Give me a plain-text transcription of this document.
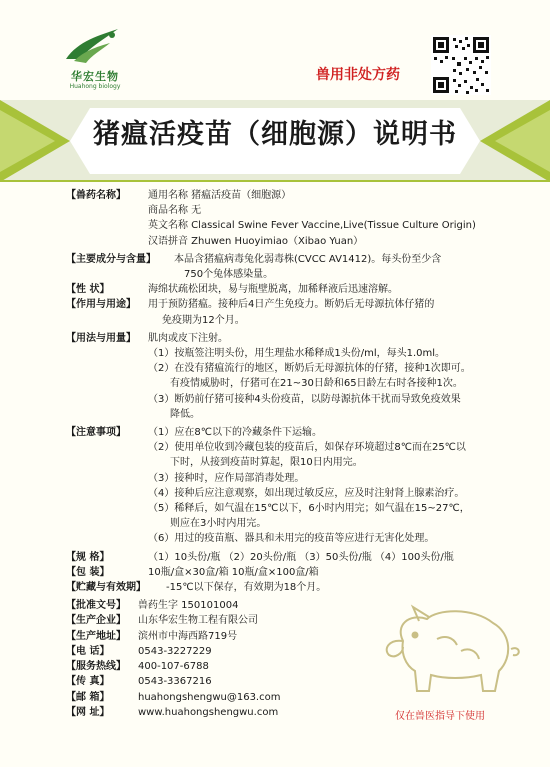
华宏生物
Huahong biology
兽用非处方药
猪瘟活疫苗（细胞源）说明书
【兽药名称】 通用名称 猪瘟活疫苗（细胞源）
商品名称 无
英文名称 Classical Swine Fever Vaccine,Live(Tissue Culture Origin)
汉语拼音 Zhuwen Huoyimiao（Xibao Yuan）
【主要成分与含量】 本品含猪瘟病毒兔化弱毒株(CVCC AV1412)。每头份至少含
750个兔体感染量。
【性 状】	海绵状疏松团块，易与瓶壁脱离，加稀释液后迅速溶解。
【作用与用途】 用于预防猪瘟。接种后4日产生免疫力。断奶后无母源抗体仔猪的
免疫期为12个月。
【用法与用量】 肌肉或皮下注射。
（1）按瓶签注明头份，用生理盐水稀释成1头份/ml，每头1.0ml。
（2）在没有猪瘟流行的地区，断奶后无母源抗体的仔猪，接种1次即可。
有疫情威胁时，仔猪可在21~30日龄和65日龄左右时各接种1次。
（3）断奶前仔猪可接种4头份疫苗，以防母源抗体干扰而导致免疫效果
降低。
【注意事项】 （1）应在8℃以下的冷藏条件下运输。
（2）使用单位收到冷藏包装的疫苗后，如保存环境超过8℃而在25℃以
下时，从接到疫苗时算起，限10日内用完。
（3）接种时，应作局部消毒处理。
（4）接种后应注意观察，如出现过敏反应，应及时注射肾上腺素治疗。
（5）稀释后，如气温在15℃以下，6小时内用完；如气温在15~27℃，
则应在3小时内用完。
（6）用过的疫苗瓶、器具和未用完的疫苗等应进行无害化处理。
【规 格】	（1）10头份/瓶 （2）20头份/瓶 （3）50头份/瓶 （4）100头份/瓶
【包 装】	10瓶/盒×30盒/箱 10瓶/盒×100盒/箱
【贮藏与有效期】 -15℃以下保存，有效期为18个月。
【批准文号】 兽药生字 150101004
【生产企业】 山东华宏生物工程有限公司
【生产地址】 滨州市中海西路719号
【电 话】	0543-3227229
【服务热线】 400-107-6788
【传 真】	0543-3367216
【邮 箱】	huahongshengwu@163.com
【网 址】	www.huahongshengwu.com	仅在兽医指导下使用
